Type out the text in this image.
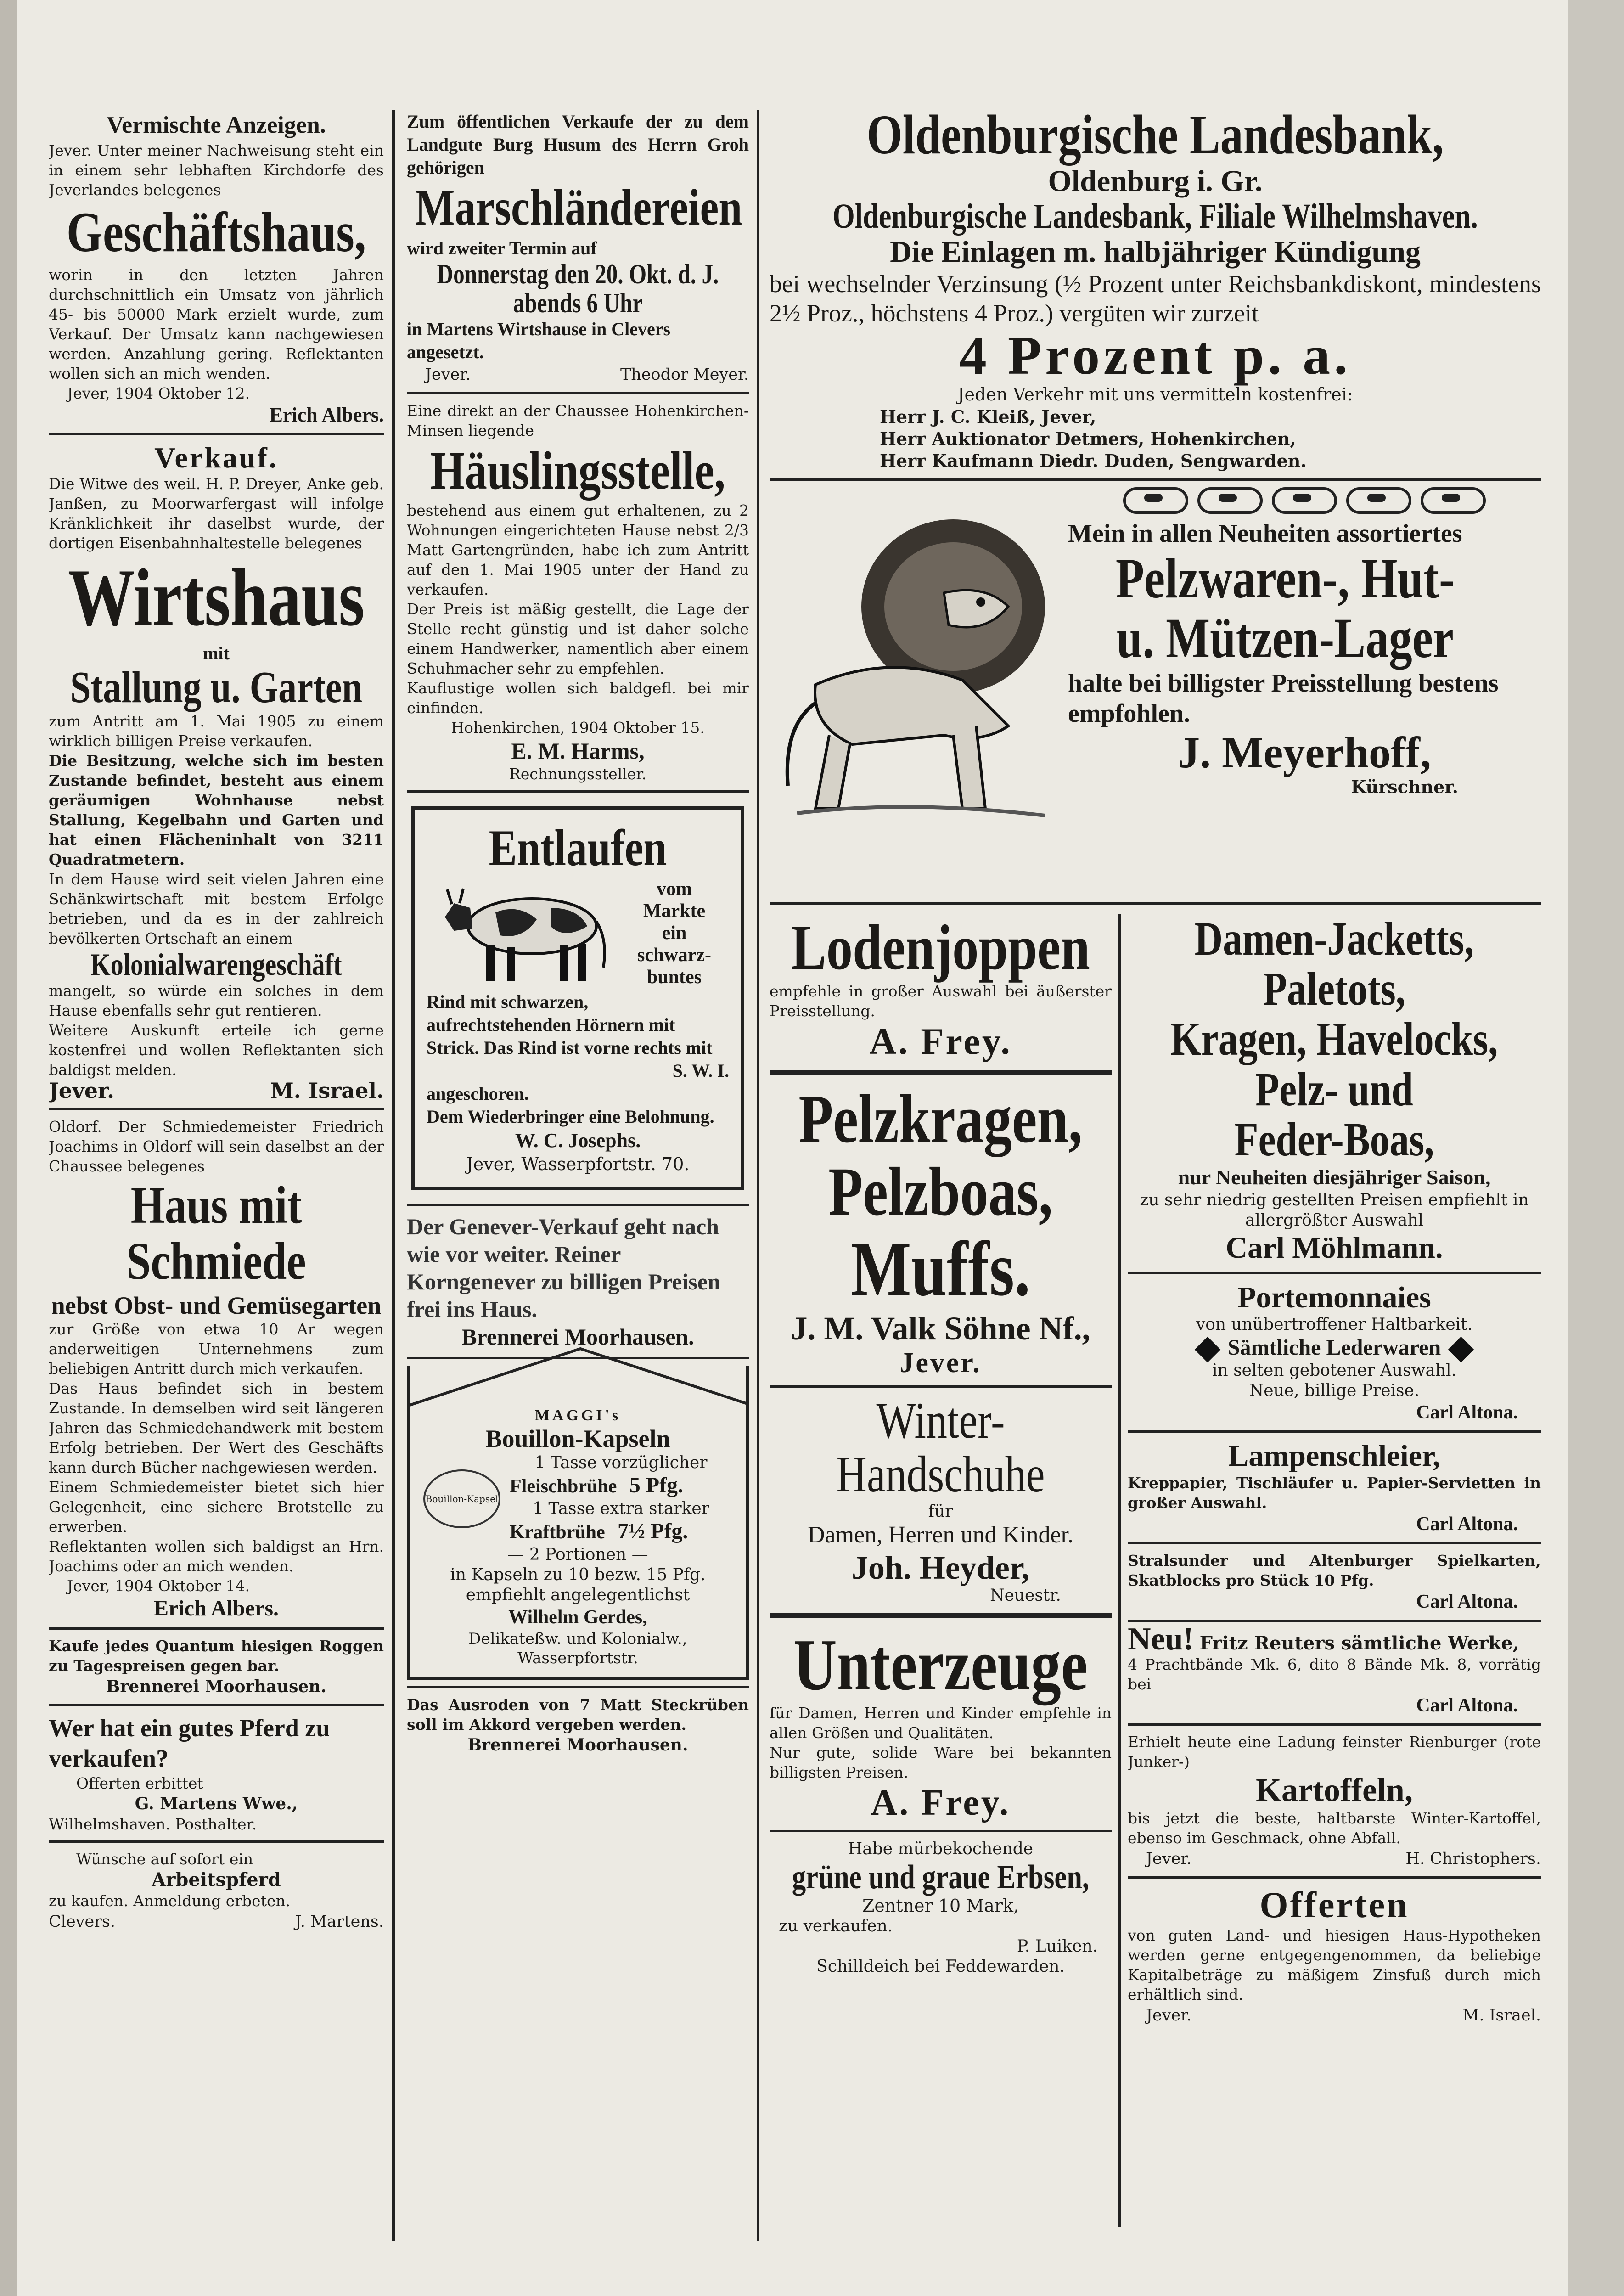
Vermischte Anzeigen.

Jever. Unter meiner Nachweisung steht ein in einem sehr lebhaften Kirchdorfe des Jeverlandes belegenes

Geschäftshaus,

worin in den letzten Jahren durchschnittlich ein Umsatz von jährlich 45- bis 50000 Mark erzielt wurde, zum Verkauf. Der Umsatz kann nachgewiesen werden. Anzahlung gering. Reflektanten wollen sich an mich wenden.

Jever, 1904 Oktober 12.

Erich Albers.

Verkauf.

Die Witwe des weil. H. P. Dreyer, Anke geb. Janßen, zu Moorwarfergast will infolge Kränklichkeit ihr daselbst wurde, der dortigen Eisenbahnhaltestelle belegenes

Wirtshaus

mit

Stallung u. Garten

zum Antritt am 1. Mai 1905 zu einem wirklich billigen Preise verkaufen.

Die Besitzung, welche sich im besten Zustande befindet, besteht aus einem geräumigen Wohnhause nebst Stallung, Kegelbahn und Garten und hat einen Flächeninhalt von 3211 Quadratmetern.

In dem Hause wird seit vielen Jahren eine Schänkwirtschaft mit bestem Erfolge betrieben, und da es in der zahlreich bevölkerten Ortschaft an einem

Kolonialwarengeschäft

mangelt, so würde ein solches in dem Hause ebenfalls sehr gut rentieren.

Weitere Auskunft erteile ich gerne kostenfrei und wollen Reflektanten sich baldigst melden.

Jever.	M. Israel.

Oldorf. Der Schmiedemeister Friedrich Joachims in Oldorf will sein daselbst an der Chaussee belegenes

Haus mit Schmiede

nebst Obst- und Gemüsegarten

zur Größe von etwa 10 Ar wegen anderweitigen Unternehmens zum beliebigen Antritt durch mich verkaufen.

Das Haus befindet sich in bestem Zustande. In demselben wird seit längeren Jahren das Schmiedehandwerk mit bestem Erfolg betrieben. Der Wert des Geschäfts kann durch Bücher nachgewiesen werden.

Einem Schmiedemeister bietet sich hier Gelegenheit, eine sichere Brotstelle zu erwerben.

Reflektanten wollen sich baldigst an Hrn. Joachims oder an mich wenden.

Jever, 1904 Oktober 14.

Erich Albers.

Kaufe jedes Quantum hiesigen Roggen zu Tagespreisen gegen bar.

Brennerei Moorhausen.

Wer hat ein gutes Pferd zu verkaufen?

Offerten erbittet

G. Martens Wwe.,

Wilhelmshaven. Posthalter.

Wünsche auf sofort ein

Arbeitspferd

zu kaufen. Anmeldung erbeten.

Clevers.	J. Martens.

Zum öffentlichen Verkaufe der zu dem Landgute Burg Husum des Herrn Groh gehörigen

Marschländereien

wird zweiter Termin auf

Donnerstag den 20. Okt. d. J.

abends 6 Uhr

in Martens Wirtshause in Clevers angesetzt.

Jever.	Theodor Meyer.

Eine direkt an der Chaussee Hohenkirchen-Minsen liegende

Häuslingsstelle,

bestehend aus einem gut erhaltenen, zu 2 Wohnungen eingerichteten Hause nebst 2/3 Matt Gartengründen, habe ich zum Antritt auf den 1. Mai 1905 unter der Hand zu verkaufen.

Der Preis ist mäßig gestellt, die Lage der Stelle recht günstig und ist daher solche einem Handwerker, namentlich aber einem Schuhmacher sehr zu empfehlen.

Kauflustige wollen sich baldgefl. bei mir einfinden.

Hohenkirchen, 1904 Oktober 15.

E. M. Harms,

Rechnungssteller.

Entlaufen

vom

Markte

ein

schwarz-

buntes

Rind mit schwarzen, aufrechtstehenden Hörnern mit Strick. Das Rind ist vorne rechts mit

S. W. I.

angeschoren.

Dem Wiederbringer eine Belohnung.

W. C. Josephs.

Jever, Wasserpfortstr. 70.

Der Genever-Verkauf geht nach wie vor weiter. Reiner Korngenever zu billigen Preisen frei ins Haus.

Brennerei Moorhausen.

MAGGI's

Bouillon-Kapseln

Bouillon-Kapsel

1 Tasse vorzüglicher

Fleischbrühe 5 Pfg.

1 Tasse extra starker

Kraftbrühe 7½ Pfg.

— 2 Portionen —

in Kapseln zu 10 bezw. 15 Pfg. empfiehlt angelegentlichst

Wilhelm Gerdes,

Delikateßw. und Kolonialw., Wasserpfortstr.

Das Ausroden von 7 Matt Steckrüben soll im Akkord vergeben werden.

Brennerei Moorhausen.

Oldenburgische Landesbank,

Oldenburg i. Gr.

Oldenburgische Landesbank, Filiale Wilhelmshaven.

Die Einlagen m. halbjähriger Kündigung

bei wechselnder Verzinsung (½ Prozent unter Reichsbankdiskont, mindestens 2½ Proz., höchstens 4 Proz.) vergüten wir zurzeit

4 Prozent p. a.

Jeden Verkehr mit uns vermitteln kostenfrei:

Herr J. C. Kleiß, Jever,

Herr Auktionator Detmers, Hohenkirchen,

Herr Kaufmann Diedr. Duden, Sengwarden.

Mein in allen Neuheiten assortiertes

Pelzwaren-, Hut-

u. Mützen-Lager

halte bei billigster Preisstellung bestens empfohlen.

J. Meyerhoff,

Kürschner.

Lodenjoppen

empfehle in großer Auswahl bei äußerster Preisstellung.

A. Frey.

Pelzkragen,

Pelzboas,

Muffs.

J. M. Valk Söhne Nf.,

Jever.

Winter-Handschuhe

für

Damen, Herren und Kinder.

Joh. Heyder,

Neuestr.

Unterzeuge

für Damen, Herren und Kinder empfehle in allen Größen und Qualitäten.

Nur gute, solide Ware bei bekannten billigsten Preisen.

A. Frey.

Habe mürbekochende

grüne und graue Erbsen,

Zentner 10 Mark,

zu verkaufen.

P. Luiken.

Schilldeich bei Feddewarden.

Damen-Jacketts,

Paletots,

Kragen, Havelocks,

Pelz- und

Feder-Boas,

nur Neuheiten diesjähriger Saison,

zu sehr niedrig gestellten Preisen empfiehlt in allergrößter Auswahl

Carl Möhlmann.

Portemonnaies

von unübertroffener Haltbarkeit.

Sämtliche Lederwaren

in selten gebotener Auswahl.

Neue, billige Preise.

Carl Altona.

Lampenschleier,

Kreppapier, Tischläufer u. Papier-Servietten in großer Auswahl.

Carl Altona.

Stralsunder und Altenburger Spielkarten, Skatblocks pro Stück 10 Pfg.

Carl Altona.

Neu! Fritz Reuters sämtliche Werke,

4 Prachtbände Mk. 6, dito 8 Bände Mk. 8, vorrätig bei

Carl Altona.

Erhielt heute eine Ladung feinster Rienburger (rote Junker-)

Kartoffeln,

bis jetzt die beste, haltbarste Winter-Kartoffel, ebenso im Geschmack, ohne Abfall.

Jever.	H. Christophers.

Offerten

von guten Land- und hiesigen Haus-Hypotheken werden gerne entgegengenommen, da beliebige Kapitalbeträge zu mäßigem Zinsfuß durch mich erhältlich sind.

Jever.	M. Israel.
